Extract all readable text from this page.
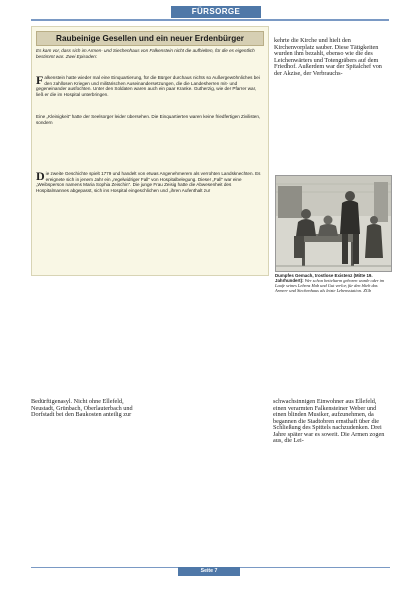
FÜRSORGE
Raubeinige Gesellen und ein neuer Erdenbürger
Es kam vor, dass sich im Armen- und Siechenhaus von Falkenstein nicht die aufhielten, für die es eigentlich bestimmt war. Zwei Episoden:
Falkenstein hatte wieder mal eine Einquartierung, für die Bürger durchaus nichts so Außergewöhnliches bei den zahllosen Kriegen und militärischen Auseinandersetzungen, die die Landesherren mit- und gegeneinander ausfochten. Unter den Soldaten waren auch ein paar Kranke. Gutherzig, wie der Pfarrer war, ließ er die im Hospital unterbringen.
Eine „Kleinigkeit“ hatte der Seelsorger leider übersehen. Die Einquartierten waren keine friedfertigen Zivilisten, sondern
Die zweite Geschichte spielt 1779 und handelt von etwas Angenehmerem als verrohten Landsknechten. Es ereignete sich in jenem Jahr ein „regelwidriger Fall“ von Hospitalbelegung. Dieser „Fall“ war eine „Weibsperson namens Maria Sophia Zeischin“. Die junge Frau Zeisig hatte die Abwesenheit des Hospitalmannes abgepasst, sich ins Hospital eingeschlichen und „ihren Aufenthalt zur
kehrte die Kirche und hielt den Kirchenvorplatz sauber. Diese Tätigkeiten wurden ihm bezahlt, ebenso wie die des Leichenwärters und Totengräbers auf dem Friedhof. Außerdem war der Spitalchef von der Akzise, der Verbrauchs-
Dumpfes Gemach, trostlose Existenz (Mitte 19. Jahrhundert): Wer schon betteltarm geboren wurde oder im Laufe seines Lebens Hab und Gut verlor, für den blieb das Armen- und Siechenhaus als letzte Lebensstation. ZGb
Bedürftigenasyl. Nicht ohne Ellefeld, Neustadt, Grünbach, Oberlauterbach und Dorfstadt bei den Baukosten anteilig zur
schwachsinnigen Einwohner aus Ellefeld, einen verarmten Falkensteiner Weber und einen blinden Musiker, aufzunehmen, da begannen die Stadtobren ernsthaft über die Schließung des Spittels nachzudenken. Drei Jahre später war es soweit. Die Armen zogen aus, die Lei-
Seite 7
